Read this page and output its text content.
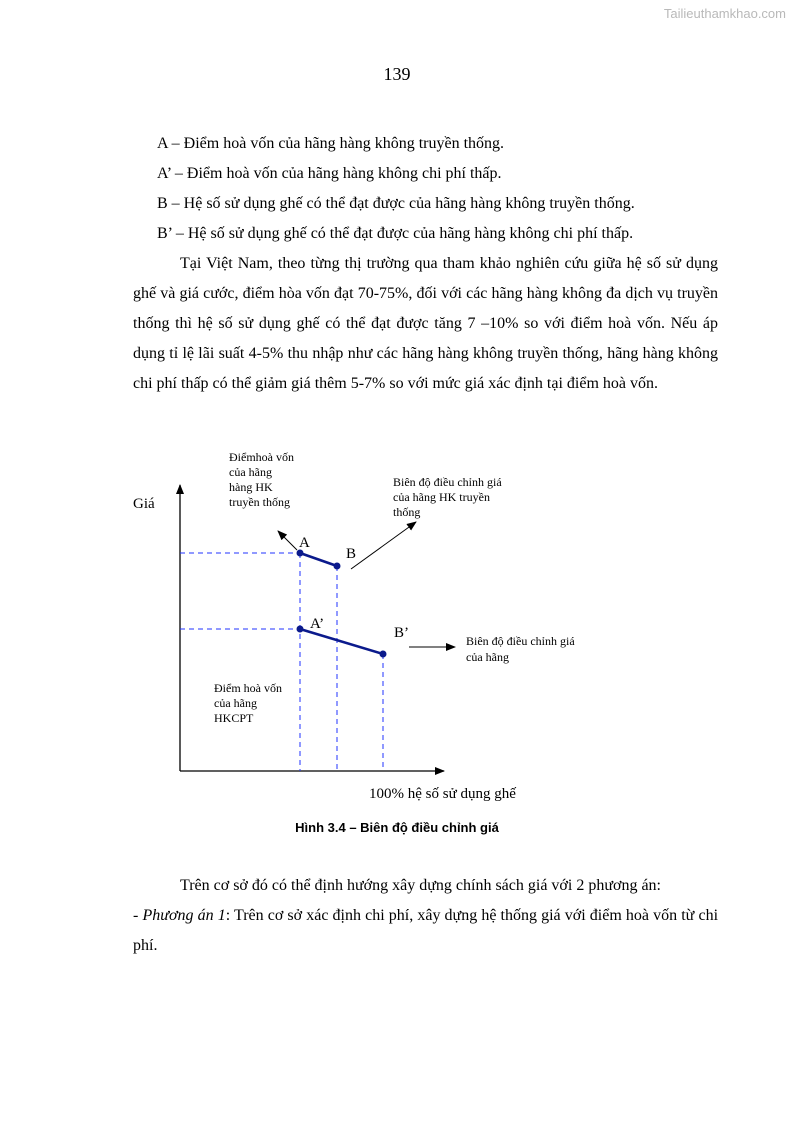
Tailieuthamkhao.com
139
A – Điểm hoà vốn của hãng hàng không truyền thống.
A’ – Điểm hoà vốn của hãng hàng không chi phí thấp.
B – Hệ số sử dụng ghế có thể đạt được của hãng hàng không truyền thống.
B’ – Hệ số sử dụng ghế có thể đạt được của hãng hàng không chi phí thấp.

Tại Việt Nam, theo từng thị trường qua tham khảo nghiên cứu giữa hệ số sử dụng ghế và giá cước, điểm hòa vốn đạt 70-75%, đối với các hãng hàng không đa dịch vụ truyền thống thì hệ số sử dụng ghế có thể đạt được tăng 7 –10% so với điểm hoà vốn. Nếu áp dụng tỉ lệ lãi suất 4-5% thu nhập như các hãng hàng không truyền thống, hãng hàng không chi phí thấp có thể giảm giá thêm 5-7% so với mức giá xác định tại điểm hoà vốn.

Giá
100% hệ số sử dụng ghế
A
B
A’
B’
Điểmhoà vốn của hãng hàng HK truyền thống
Biên độ điều chỉnh giá của hãng HK truyền thống
Biên độ điều chỉnh giá của hãng
Điểm hoà vốn của hãng HKCPT
Hình 3.4 – Biên độ điều chỉnh giá

Trên cơ sở đó có thể định hướng xây dựng chính sách giá với 2 phương án:

- Phương án 1: Trên cơ sở xác định chi phí, xây dựng hệ thống giá với điểm hoà vốn từ chi phí.
